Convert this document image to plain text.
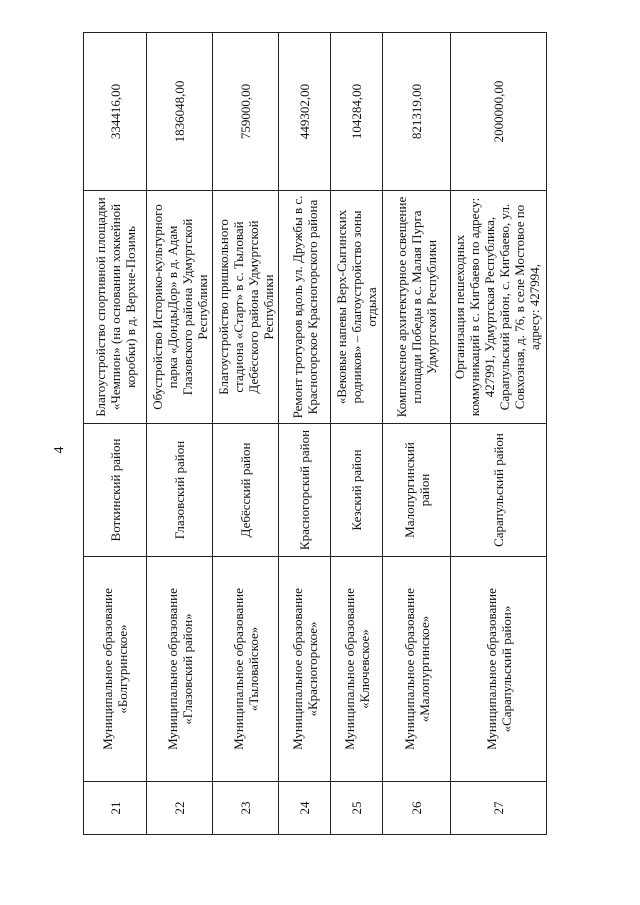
4
21	Муниципальное образование «Болгуринское»	Воткинский район	Благоустройство спортивной площадки «Чемпион» (на основании хоккейной коробки) в д. Верхне-Позимь	334416,00
22	Муниципальное образование «Глазовский район»	Глазовский район	Обустройство Историко-культурного парка «ДондыДор» в д. Адам Глазовского района Удмуртской Республики	1836048,00
23	Муниципальное образование «Тыловайское»	Дебёсский район	Благоустройство пришкольного стадиона «Старт» в с. Тыловай Дебёсского района Удмуртской Республики	759000,00
24	Муниципальное образование «Красногорское»	Красногорский район	Ремонт тротуаров вдоль ул. Дружбы в с. Красногорское Красногорского района	449302,00
25	Муниципальное образование «Ключевское»	Кезский район	«Вековые напевы Верх-Сыгинских родников» – благоустройство зоны отдыха	104284,00
26	Муниципальное образование «Малопургинское»	Малопургинский район	Комплексное архитектурное освещение площади Победы в с. Малая Пурга Удмуртской Республики	821319,00
27	Муниципальное образование «Сарапульский район»	Сарапульский район	Организация пешеходных коммуникаций в с. Кигбаево по адресу: 427991, Удмуртская Республика, Сарапульский район, с. Кигбаево, ул. Совхозная, д. 76, в селе Мостовое по адресу: 427994,	2000000,00
